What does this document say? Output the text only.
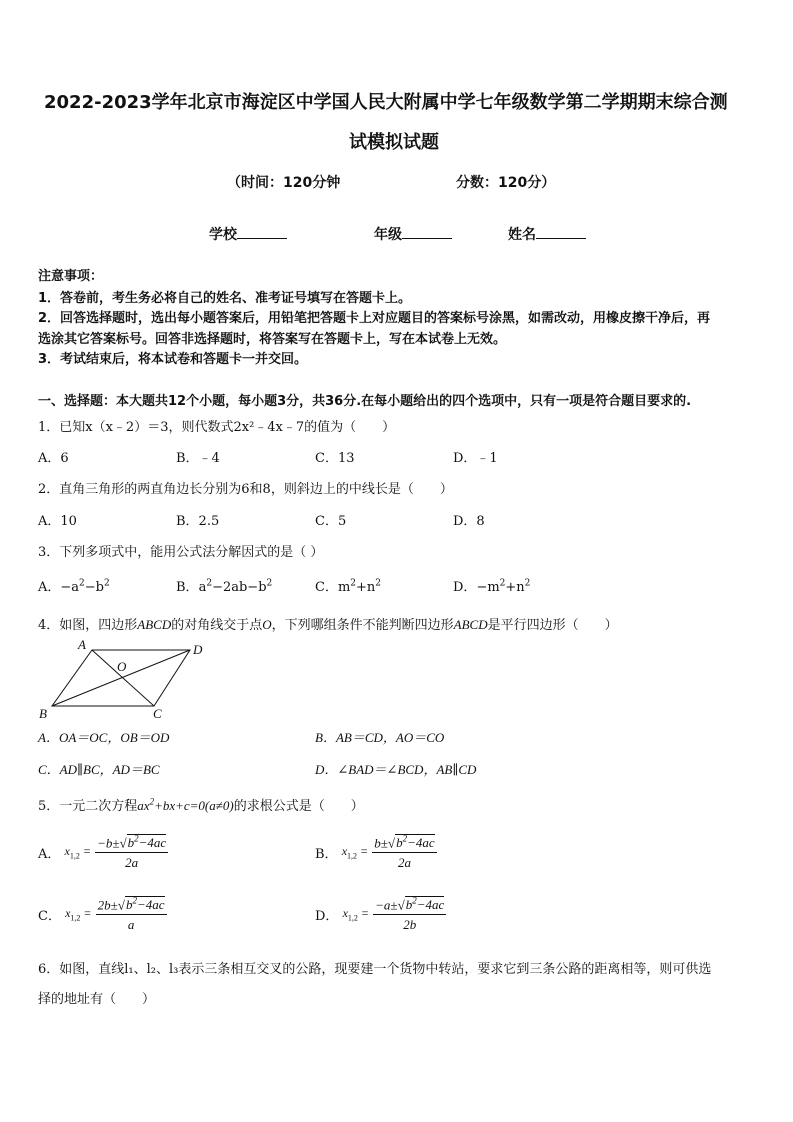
2022-2023学年北京市海淀区中学国人民大附属中学七年级数学第二学期期末综合测
试模拟试题
（时间：120分钟	分数：120分）
学校	年级	姓名
注意事项：
1．答卷前，考生务必将自己的姓名、准考证号填写在答题卡上。
2．回答选择题时，选出每小题答案后，用铅笔把答题卡上对应题目的答案标号涂黑，如需改动，用橡皮擦干净后，再
选涂其它答案标号。回答非选择题时，将答案写在答题卡上，写在本试卷上无效。
3．考试结束后，将本试卷和答题卡一并交回。
一、选择题：本大题共12个小题，每小题3分，共36分.在每小题给出的四个选项中，只有一项是符合题目要求的.
1．已知x（x﹣2）＝3，则代数式2x²﹣4x﹣7的值为（　　）
A．6	B．﹣4	C．13	D．﹣1
2．直角三角形的两直角边长分别为6和8，则斜边上的中线长是（　　）
A．10	B．2.5	C．5	D．8
3．下列多项式中，能用公式法分解因式的是（ ）
A．$-a^2-b^2$	B．$a^2-2ab-b^2$	C．$m^2+n^2$	D．$-m^2+n^2$
4．如图，四边形ABCD的对角线交于点O，下列哪组条件不能判断四边形ABCD是平行四边形（　　）
A	D
B	C
O
A．OA＝OC，OB＝OD	B．AB＝CD，AO＝CO
C．AD∥BC，AD＝BC	D．∠BAD＝∠BCD，AB∥CD
5．一元二次方程$ax^2+bx+c=0(a\ne 0)$的求根公式是（　　）
A． $x_{1,2} = \frac{-b\pm√b^2-4ac}{2a}$	B． $x_{1,2} = \frac{b\pm√b^2-4ac}{2a}$
C． $x_{1,2} = \frac{2b\pm√b^2-4ac}{a}$	D． $x_{1,2} = \frac{-a\pm√b^2-4ac}{2b}$
6．如图，直线l₁、l₂、l₃表示三条相互交叉的公路，现要建一个货物中转站，要求它到三条公路的距离相等，则可供选
择的地址有（　　）
